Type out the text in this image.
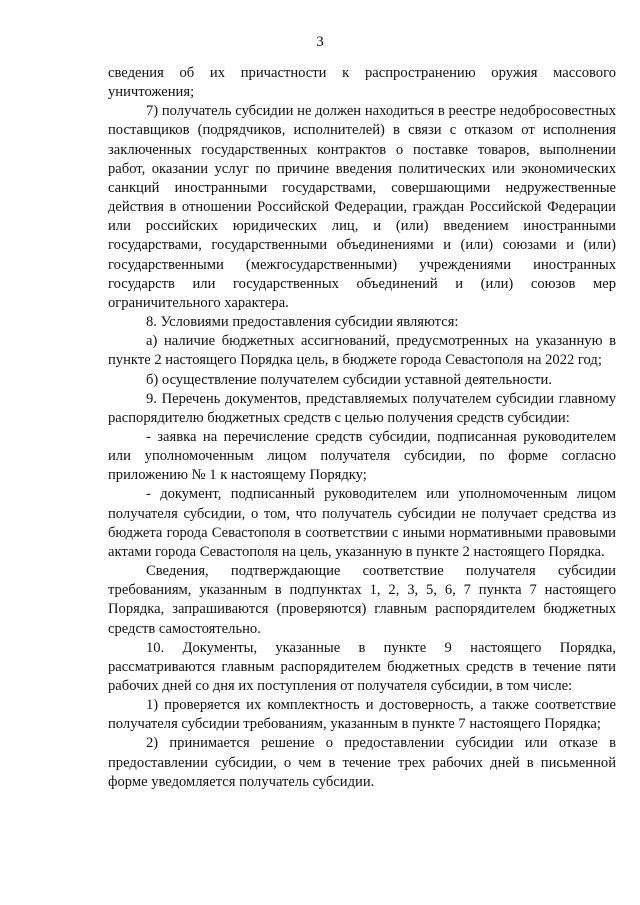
3

сведения об их причастности к распространению оружия массового уничтожения;

7) получатель субсидии не должен находиться в реестре недобросовестных поставщиков (подрядчиков, исполнителей) в связи с отказом от исполнения заключенных государственных контрактов о поставке товаров, выполнении работ, оказании услуг по причине введения политических или экономических санкций иностранными государствами, совершающими недружественные действия в отношении Российской Федерации, граждан Российской Федерации или российских юридических лиц, и (или) введением иностранными государствами, государственными объединениями и (или) союзами и (или) государственными (межгосударственными) учреждениями иностранных государств или государственных объединений и (или) союзов мер ограничительного характера.

8. Условиями предоставления субсидии являются:

а) наличие бюджетных ассигнований, предусмотренных на указанную в пункте 2 настоящего Порядка цель, в бюджете города Севастополя на 2022 год;

б) осуществление получателем субсидии уставной деятельности.

9. Перечень документов, представляемых получателем субсидии главному распорядителю бюджетных средств с целью получения средств субсидии:

- заявка на перечисление средств субсидии, подписанная руководителем или уполномоченным лицом получателя субсидии, по форме согласно приложению № 1 к настоящему Порядку;

- документ, подписанный руководителем или уполномоченным лицом получателя субсидии, о том, что получатель субсидии не получает средства из бюджета города Севастополя в соответствии с иными нормативными правовыми актами города Севастополя на цель, указанную в пункте 2 настоящего Порядка.

Сведения, подтверждающие соответствие получателя субсидии требованиям, указанным в подпунктах 1, 2, 3, 5, 6, 7 пункта 7 настоящего Порядка, запрашиваются (проверяются) главным распорядителем бюджетных средств самостоятельно.

10. Документы, указанные в пункте 9 настоящего Порядка, рассматриваются главным распорядителем бюджетных средств в течение пяти рабочих дней со дня их поступления от получателя субсидии, в том числе:

1) проверяется их комплектность и достоверность, а также соответствие получателя субсидии требованиям, указанным в пункте 7 настоящего Порядка;

2) принимается решение о предоставлении субсидии или отказе в предоставлении субсидии, о чем в течение трех рабочих дней в письменной форме уведомляется получатель субсидии.
